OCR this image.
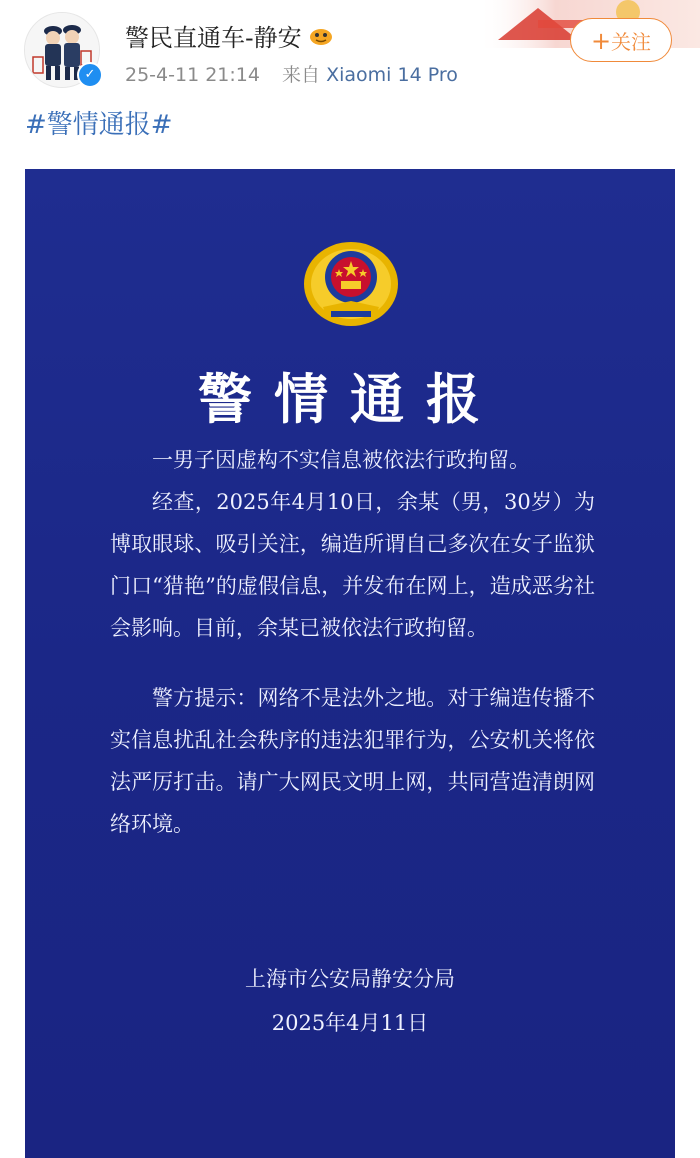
✓
警民直通车-静安
25-4-11 21:14 来自 Xiaomi 14 Pro
+关注
#警情通报#
警情通报

一男子因虚构不实信息被依法行政拘留。

经查，2025年4月10日，余某（男，30岁）为博取眼球、吸引关注，编造所谓自己多次在女子监狱门口“猎艳”的虚假信息，并发布在网上，造成恶劣社会影响。目前，余某已被依法行政拘留。

警方提示：网络不是法外之地。对于编造传播不实信息扰乱社会秩序的违法犯罪行为，公安机关将依法严厉打击。请广大网民文明上网，共同营造清朗网络环境。

上海市公安局静安分局
2025年4月11日
